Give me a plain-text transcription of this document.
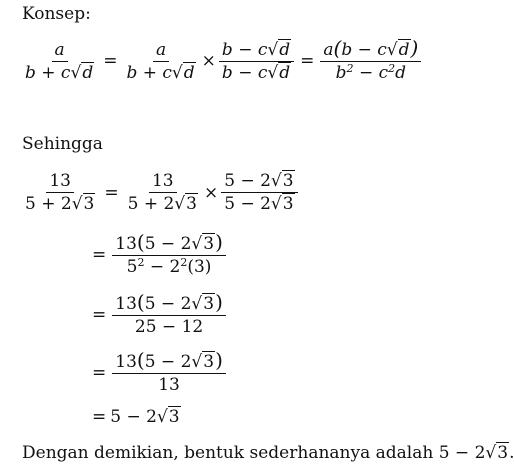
Konsep:
$\frac{a}{b + c √ d} = \frac{a}{b + c √ d} \times \frac{b - c √ d}{b - c √ d} = \frac{a(b - c √ d )}{b^2 - c^2d}$
Sehingga
$\frac{13}{5 + 2 √ 3} = \frac{13}{5 + 2 √ 3} \times \frac{5 - 2 √ 3}{5 - 2 √ 3}$
= $\frac{13(5 - 2 √ 3 )}{5^2 - 2^2(3)}$
= $\frac{13(5 - 2 √ 3 )}{25 - 12}$
= $\frac{13(5 - 2 √ 3 )}{13}$
= 5 − 2 √ 3
Dengan demikian, bentuk sederhananya adalah 5 − 2 √ 3 .
